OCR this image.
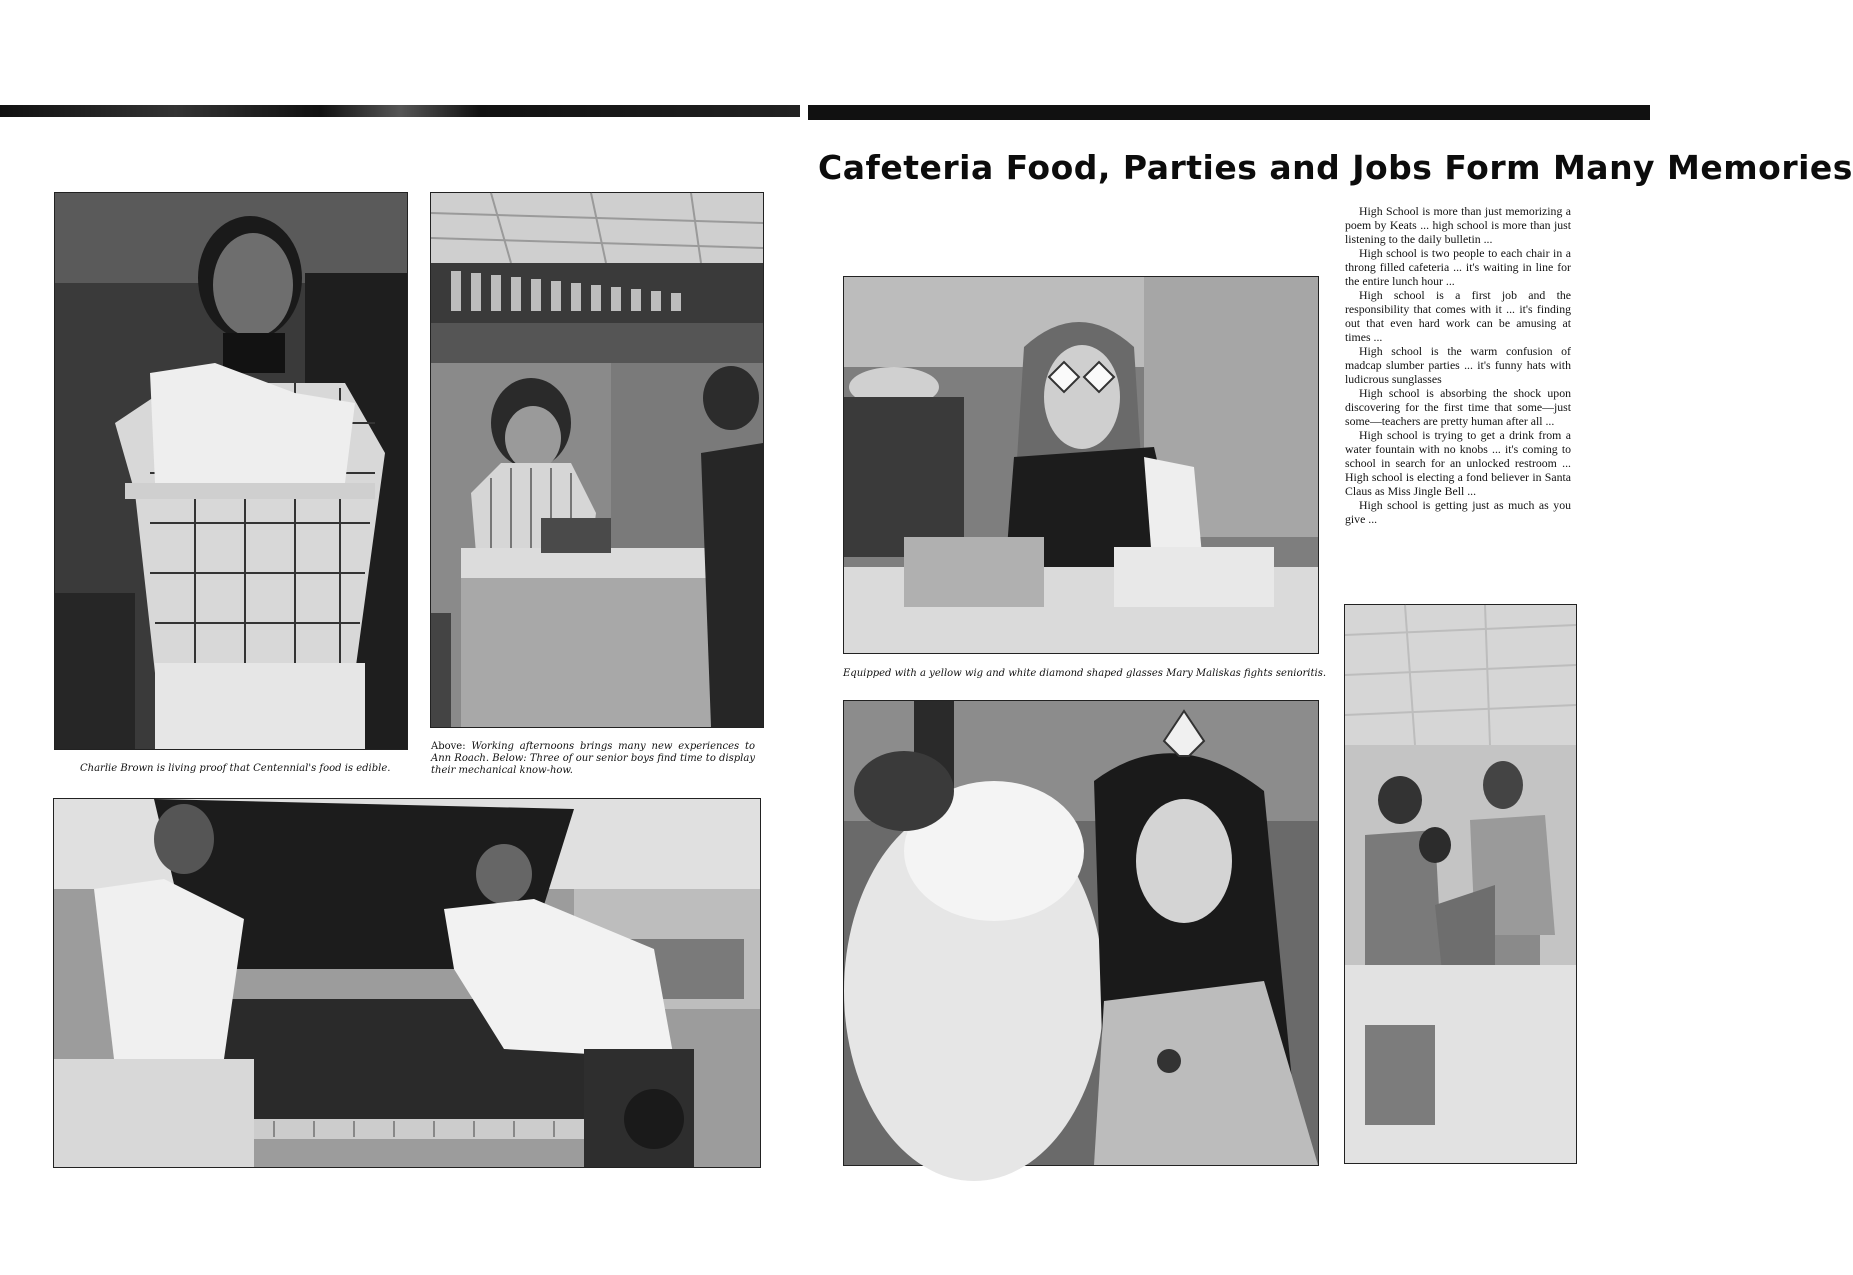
Cafeteria Food, Parties and Jobs Form Many Memories
Charlie Brown is living proof that Centennial's food is edible.
Above: Working afternoons brings many new experiences to Ann Roach. Below: Three of our senior boys find time to display their mechanical know-how.
Equipped with a yellow wig and white diamond shaped glasses Mary Maliskas fights senioritis.

High School is more than just memorizing a poem by Keats ... high school is more than just listening to the daily bulletin ...

High school is two people to each chair in a throng filled cafeteria ... it's waiting in line for the entire lunch hour ...

High school is a first job and the responsibility that comes with it ... it's finding out that even hard work can be amusing at times ...

High school is the warm confusion of madcap slumber parties ... it's funny hats with ludicrous sunglasses

High school is absorbing the shock upon discovering for the first time that some—just some—teachers are pretty human after all ...

High school is trying to get a drink from a water fountain with no knobs ... it's coming to school in search for an unlocked restroom ... High school is electing a fond believer in Santa Claus as Miss Jingle Bell ...

High school is getting just as much as you give ...
